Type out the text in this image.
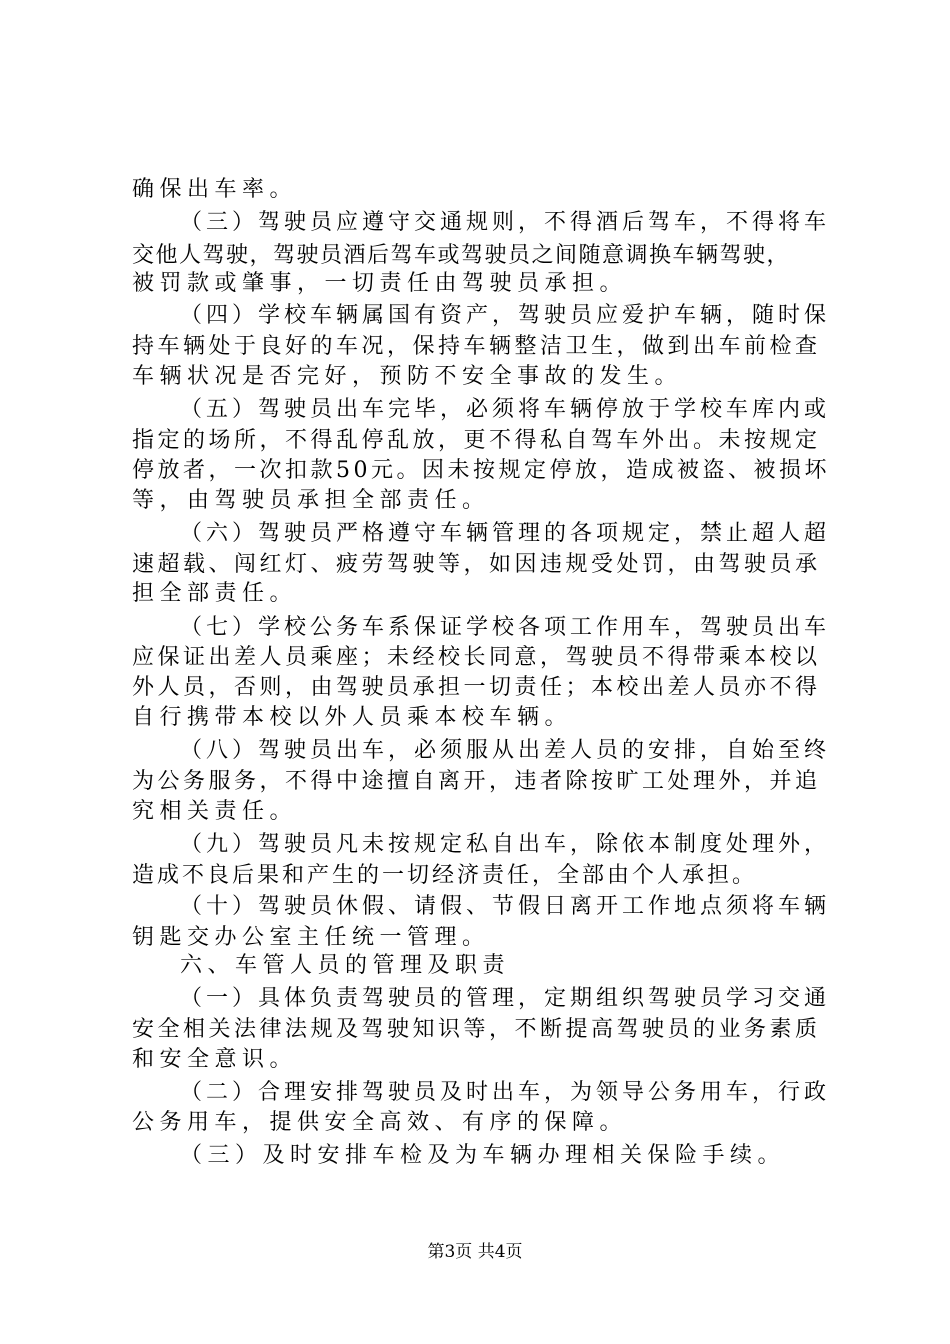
确保出车率。
（三）驾驶员应遵守交通规则，不得酒后驾车，不得将车
交他人驾驶，驾驶员酒后驾车或驾驶员之间随意调换车辆驾驶，
被罚款或肇事，一切责任由驾驶员承担。
（四）学校车辆属国有资产，驾驶员应爱护车辆，随时保
持车辆处于良好的车况，保持车辆整洁卫生，做到出车前检查
车辆状况是否完好，预防不安全事故的发生。
（五）驾驶员出车完毕，必须将车辆停放于学校车库内或
指定的场所，不得乱停乱放，更不得私自驾车外出。未按规定
停放者，一次扣款50元。因未按规定停放，造成被盗、被损坏
等，由驾驶员承担全部责任。
（六）驾驶员严格遵守车辆管理的各项规定，禁止超人超
速超载、闯红灯、疲劳驾驶等，如因违规受处罚，由驾驶员承
担全部责任。
（七）学校公务车系保证学校各项工作用车，驾驶员出车
应保证出差人员乘座；未经校长同意，驾驶员不得带乘本校以
外人员，否则，由驾驶员承担一切责任；本校出差人员亦不得
自行携带本校以外人员乘本校车辆。
（八）驾驶员出车，必须服从出差人员的安排，自始至终
为公务服务，不得中途擅自离开，违者除按旷工处理外，并追
究相关责任。
（九）驾驶员凡未按规定私自出车，除依本制度处理外，
造成不良后果和产生的一切经济责任，全部由个人承担。
（十）驾驶员休假、请假、节假日离开工作地点须将车辆
钥匙交办公室主任统一管理。
六、车管人员的管理及职责
（一）具体负责驾驶员的管理，定期组织驾驶员学习交通
安全相关法律法规及驾驶知识等，不断提高驾驶员的业务素质
和安全意识。
（二）合理安排驾驶员及时出车，为领导公务用车，行政
公务用车，提供安全高效、有序的保障。
（三）及时安排车检及为车辆办理相关保险手续。
第3页 共4页
